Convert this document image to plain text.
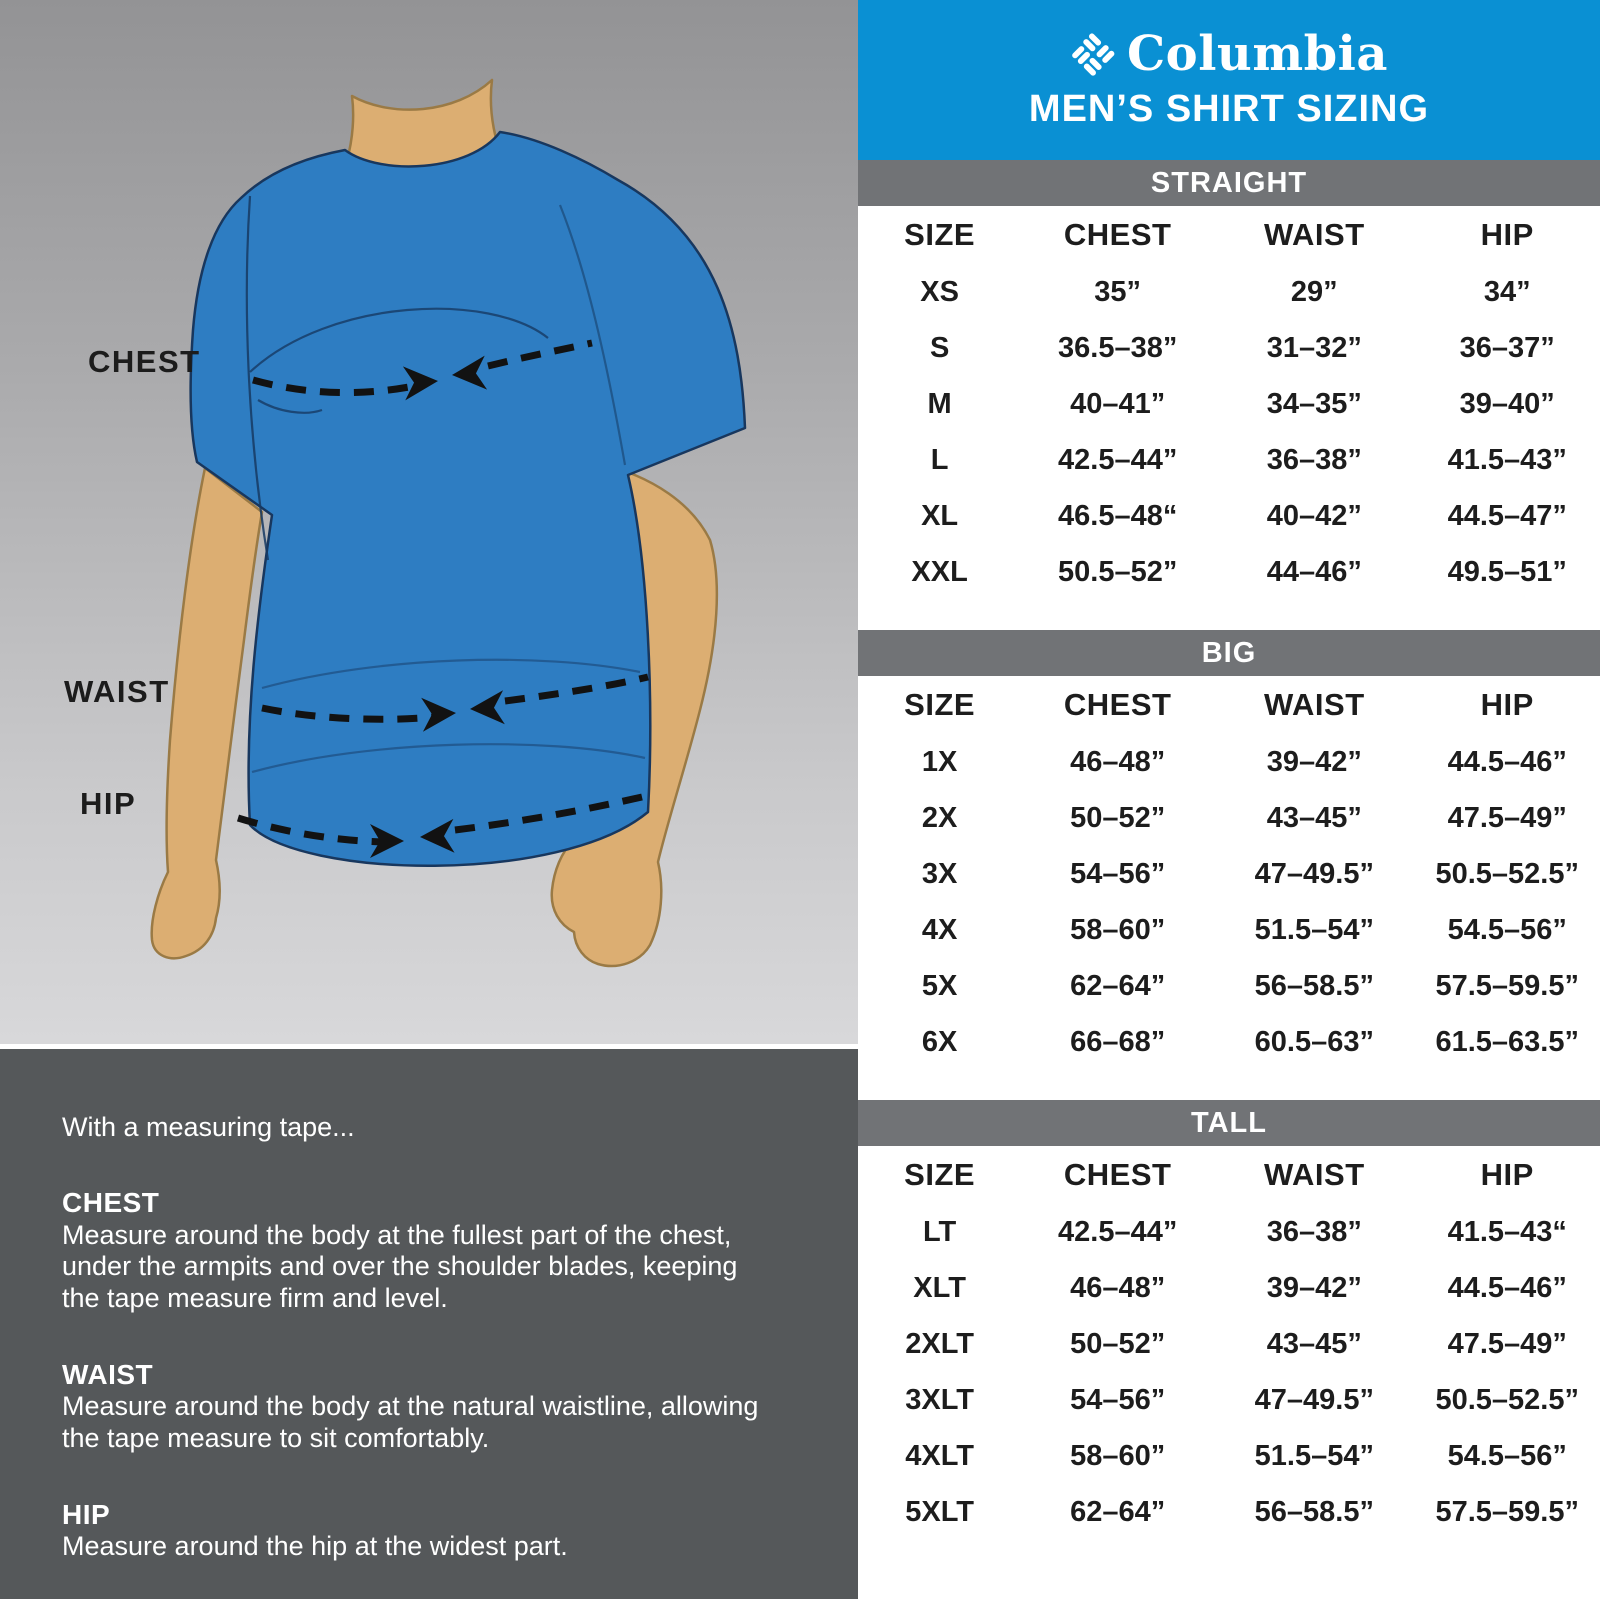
CHEST
WAIST
HIP

With a measuring tape...

CHEST

Measure around the body at the fullest part of the chest, under the armpits and over the shoulder blades, keeping the tape measure firm and level.

WAIST

Measure around the body at the natural waistline, allowing the tape measure to sit comfortably.

HIP

Measure around the hip at the widest part.

Columbia
MEN’S SHIRT SIZING
STRAIGHT
SIZE	CHEST	WAIST	HIP
XS	35”	29”	34”
S	36.5–38”	31–32”	36–37”
M	40–41”	34–35”	39–40”
L	42.5–44”	36–38”	41.5–43”
XL	46.5–48“	40–42”	44.5–47”
XXL	50.5–52”	44–46”	49.5–51”
BIG
SIZE	CHEST	WAIST	HIP
1X	46–48”	39–42”	44.5–46”
2X	50–52”	43–45”	47.5–49”
3X	54–56”	47–49.5”	50.5–52.5”
4X	58–60”	51.5–54”	54.5–56”
5X	62–64”	56–58.5”	57.5–59.5”
6X	66–68”	60.5–63”	61.5–63.5”
TALL
SIZE	CHEST	WAIST	HIP
LT	42.5–44”	36–38”	41.5–43“
XLT	46–48”	39–42”	44.5–46”
2XLT	50–52”	43–45”	47.5–49”
3XLT	54–56”	47–49.5”	50.5–52.5”
4XLT	58–60”	51.5–54”	54.5–56”
5XLT	62–64”	56–58.5”	57.5–59.5”
